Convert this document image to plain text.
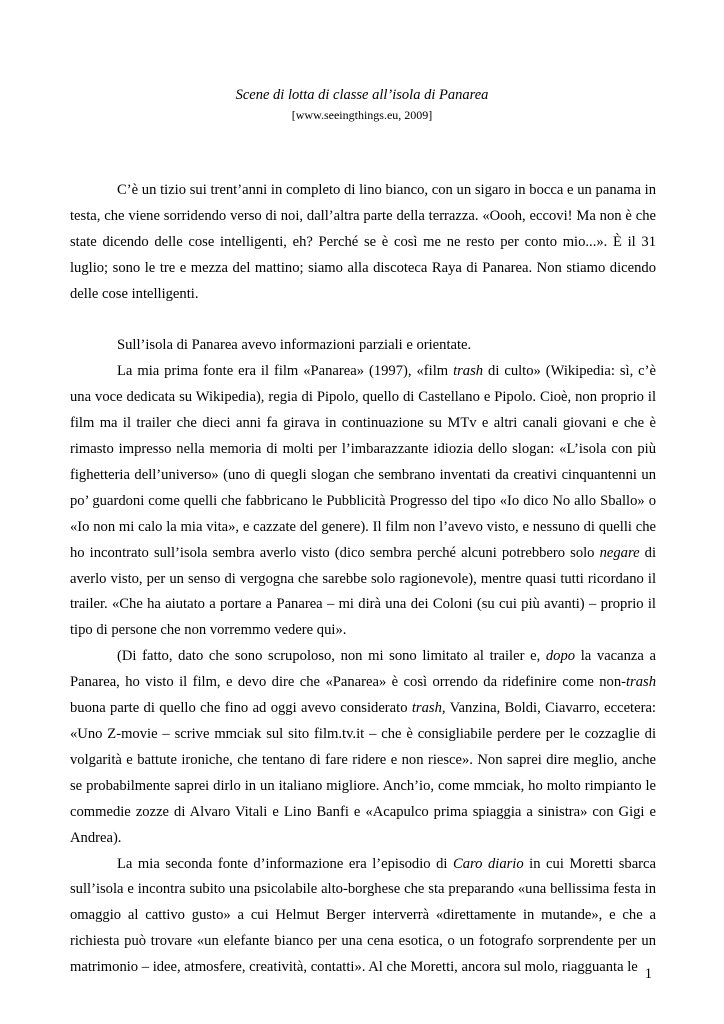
Scene di lotta di classe all’isola di Panarea
[www.seeingthings.eu, 2009]

C’è un tizio sui trent’anni in completo di lino bianco, con un sigaro in bocca e un panama in testa, che viene sorridendo verso di noi, dall’altra parte della terrazza. «Oooh, eccovi! Ma non è che state dicendo delle cose intelligenti, eh? Perché se è così me ne resto per conto mio...». È il 31 luglio; sono le tre e mezza del mattino; siamo alla discoteca Raya di Panarea. Non stiamo dicendo delle cose intelligenti.

Sull’isola di Panarea avevo informazioni parziali e orientate.

La mia prima fonte era il film «Panarea» (1997), «film trash di culto» (Wikipedia: sì, c’è una voce dedicata su Wikipedia), regia di Pipolo, quello di Castellano e Pipolo. Cioè, non proprio il film ma il trailer che dieci anni fa girava in continuazione su MTv e altri canali giovani e che è rimasto impresso nella memoria di molti per l’imbarazzante idiozia dello slogan: «L’isola con più fighetteria dell’universo» (uno di quegli slogan che sembrano inventati da creativi cinquantenni un po’ guardoni come quelli che fabbricano le Pubblicità Progresso del tipo «Io dico No allo Sballo» o «Io non mi calo la mia vita», e cazzate del genere). Il film non l’avevo visto, e nessuno di quelli che ho incontrato sull’isola sembra averlo visto (dico sembra perché alcuni potrebbero solo negare di averlo visto, per un senso di vergogna che sarebbe solo ragionevole), mentre quasi tutti ricordano il trailer. «Che ha aiutato a portare a Panarea – mi dirà una dei Coloni (su cui più avanti) – proprio il tipo di persone che non vorremmo vedere qui».

(Di fatto, dato che sono scrupoloso, non mi sono limitato al trailer e, dopo la vacanza a Panarea, ho visto il film, e devo dire che «Panarea» è così orrendo da ridefinire come non-trash buona parte di quello che fino ad oggi avevo considerato trash, Vanzina, Boldi, Ciavarro, eccetera: «Uno Z-movie – scrive mmciak sul sito film.tv.it – che è consigliabile perdere per le cozzaglie di volgarità e battute ironiche, che tentano di fare ridere e non riesce». Non saprei dire meglio, anche se probabilmente saprei dirlo in un italiano migliore. Anch’io, come mmciak, ho molto rimpianto le commedie zozze di Alvaro Vitali e Lino Banfi e «Acapulco prima spiaggia a sinistra» con Gigi e Andrea).

La mia seconda fonte d’informazione era l’episodio di Caro diario in cui Moretti sbarca sull’isola e incontra subito una psicolabile alto-borghese che sta preparando «una bellissima festa in omaggio al cattivo gusto» a cui Helmut Berger interverrà «direttamente in mutande», e che a richiesta può trovare «un elefante bianco per una cena esotica, o un fotografo sorprendente per un matrimonio – idee, atmosfere, creatività, contatti». Al che Moretti, ancora sul molo, riagguanta le 1
